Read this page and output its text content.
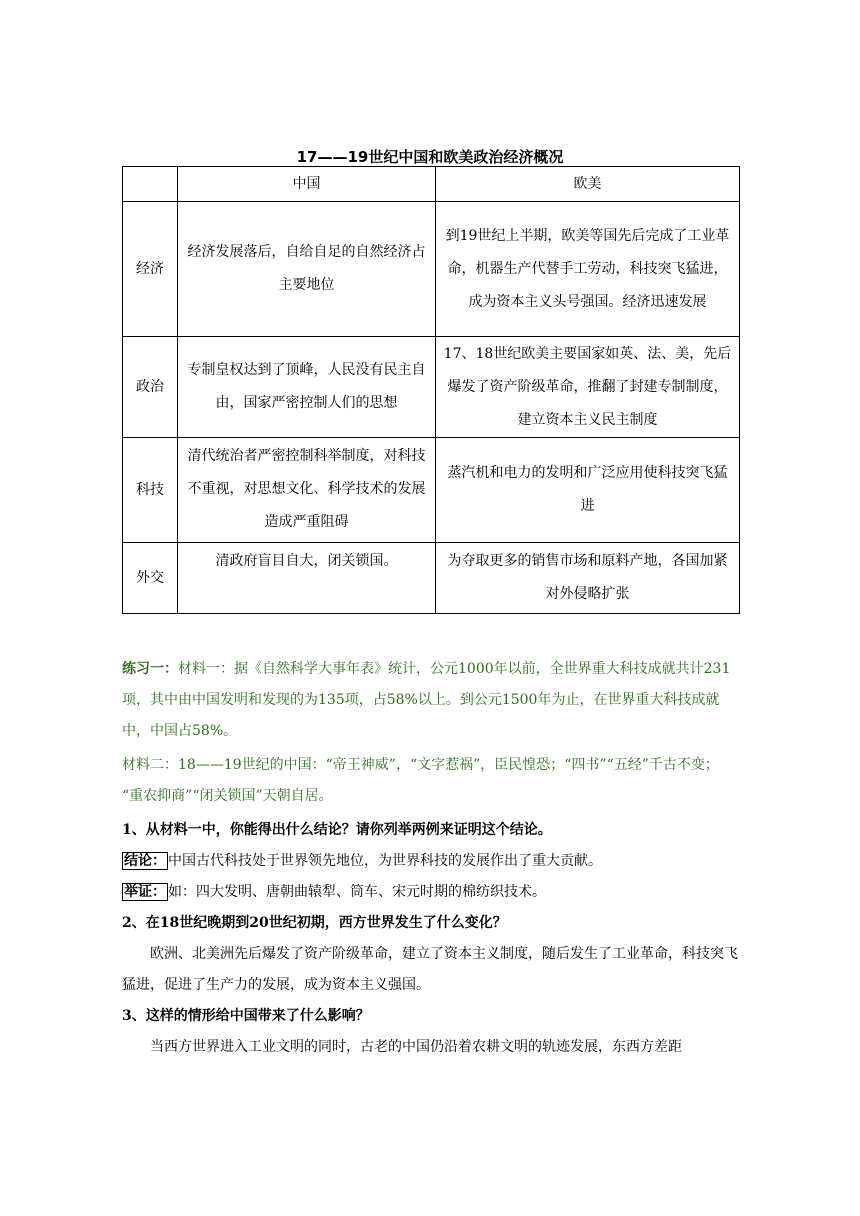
17——19世纪中国和欧美政治经济概况
	中国	欧美
经济	经济发展落后，自给自足的自然经济占主要地位	到19世纪上半期，欧美等国先后完成了工业革命，机器生产代替手工劳动，科技突飞猛进，成为资本主义头号强国。经济迅速发展
政治	专制皇权达到了顶峰，人民没有民主自由，国家严密控制人们的思想	17、18世纪欧美主要国家如英、法、美，先后爆发了资产阶级革命，推翻了封建专制制度，建立资本主义民主制度
科技	清代统治者严密控制科举制度，对科技不重视，对思想文化、科学技术的发展造成严重阻碍	蒸汽机和电力的发明和广泛应用使科技突飞猛进
外交	清政府盲目自大，闭关锁国。	为夺取更多的销售市场和原料产地，各国加紧对外侵略扩张
练习一：材料一：据《自然科学大事年表》统计，公元1000年以前，全世界重大科技成就共计231项，其中由中国发明和发现的为135项，占58%以上。到公元1500年为止，在世界重大科技成就中，中国占58%。
材料二：18——19世纪的中国：“帝王神威”，“文字惹祸”，臣民惶恐；“四书”“五经”千古不变； “重农抑商”“闭关锁国”天朝自居。
1、从材料一中，你能得出什么结论？请你列举两例来证明这个结论。
结论： 中国古代科技处于世界领先地位，为世界科技的发展作出了重大贡献。
举证： 如：四大发明、唐朝曲辕犁、筒车、宋元时期的棉纺织技术。
2、在18世纪晚期到20世纪初期，西方世界发生了什么变化？
欧洲、北美洲先后爆发了资产阶级革命，建立了资本主义制度，随后发生了工业革命，科技突飞猛进，促进了生产力的发展，成为资本主义强国。
3、这样的情形给中国带来了什么影响？
当西方世界进入工业文明的同时，古老的中国仍沿着农耕文明的轨迹发展，东西方差距
